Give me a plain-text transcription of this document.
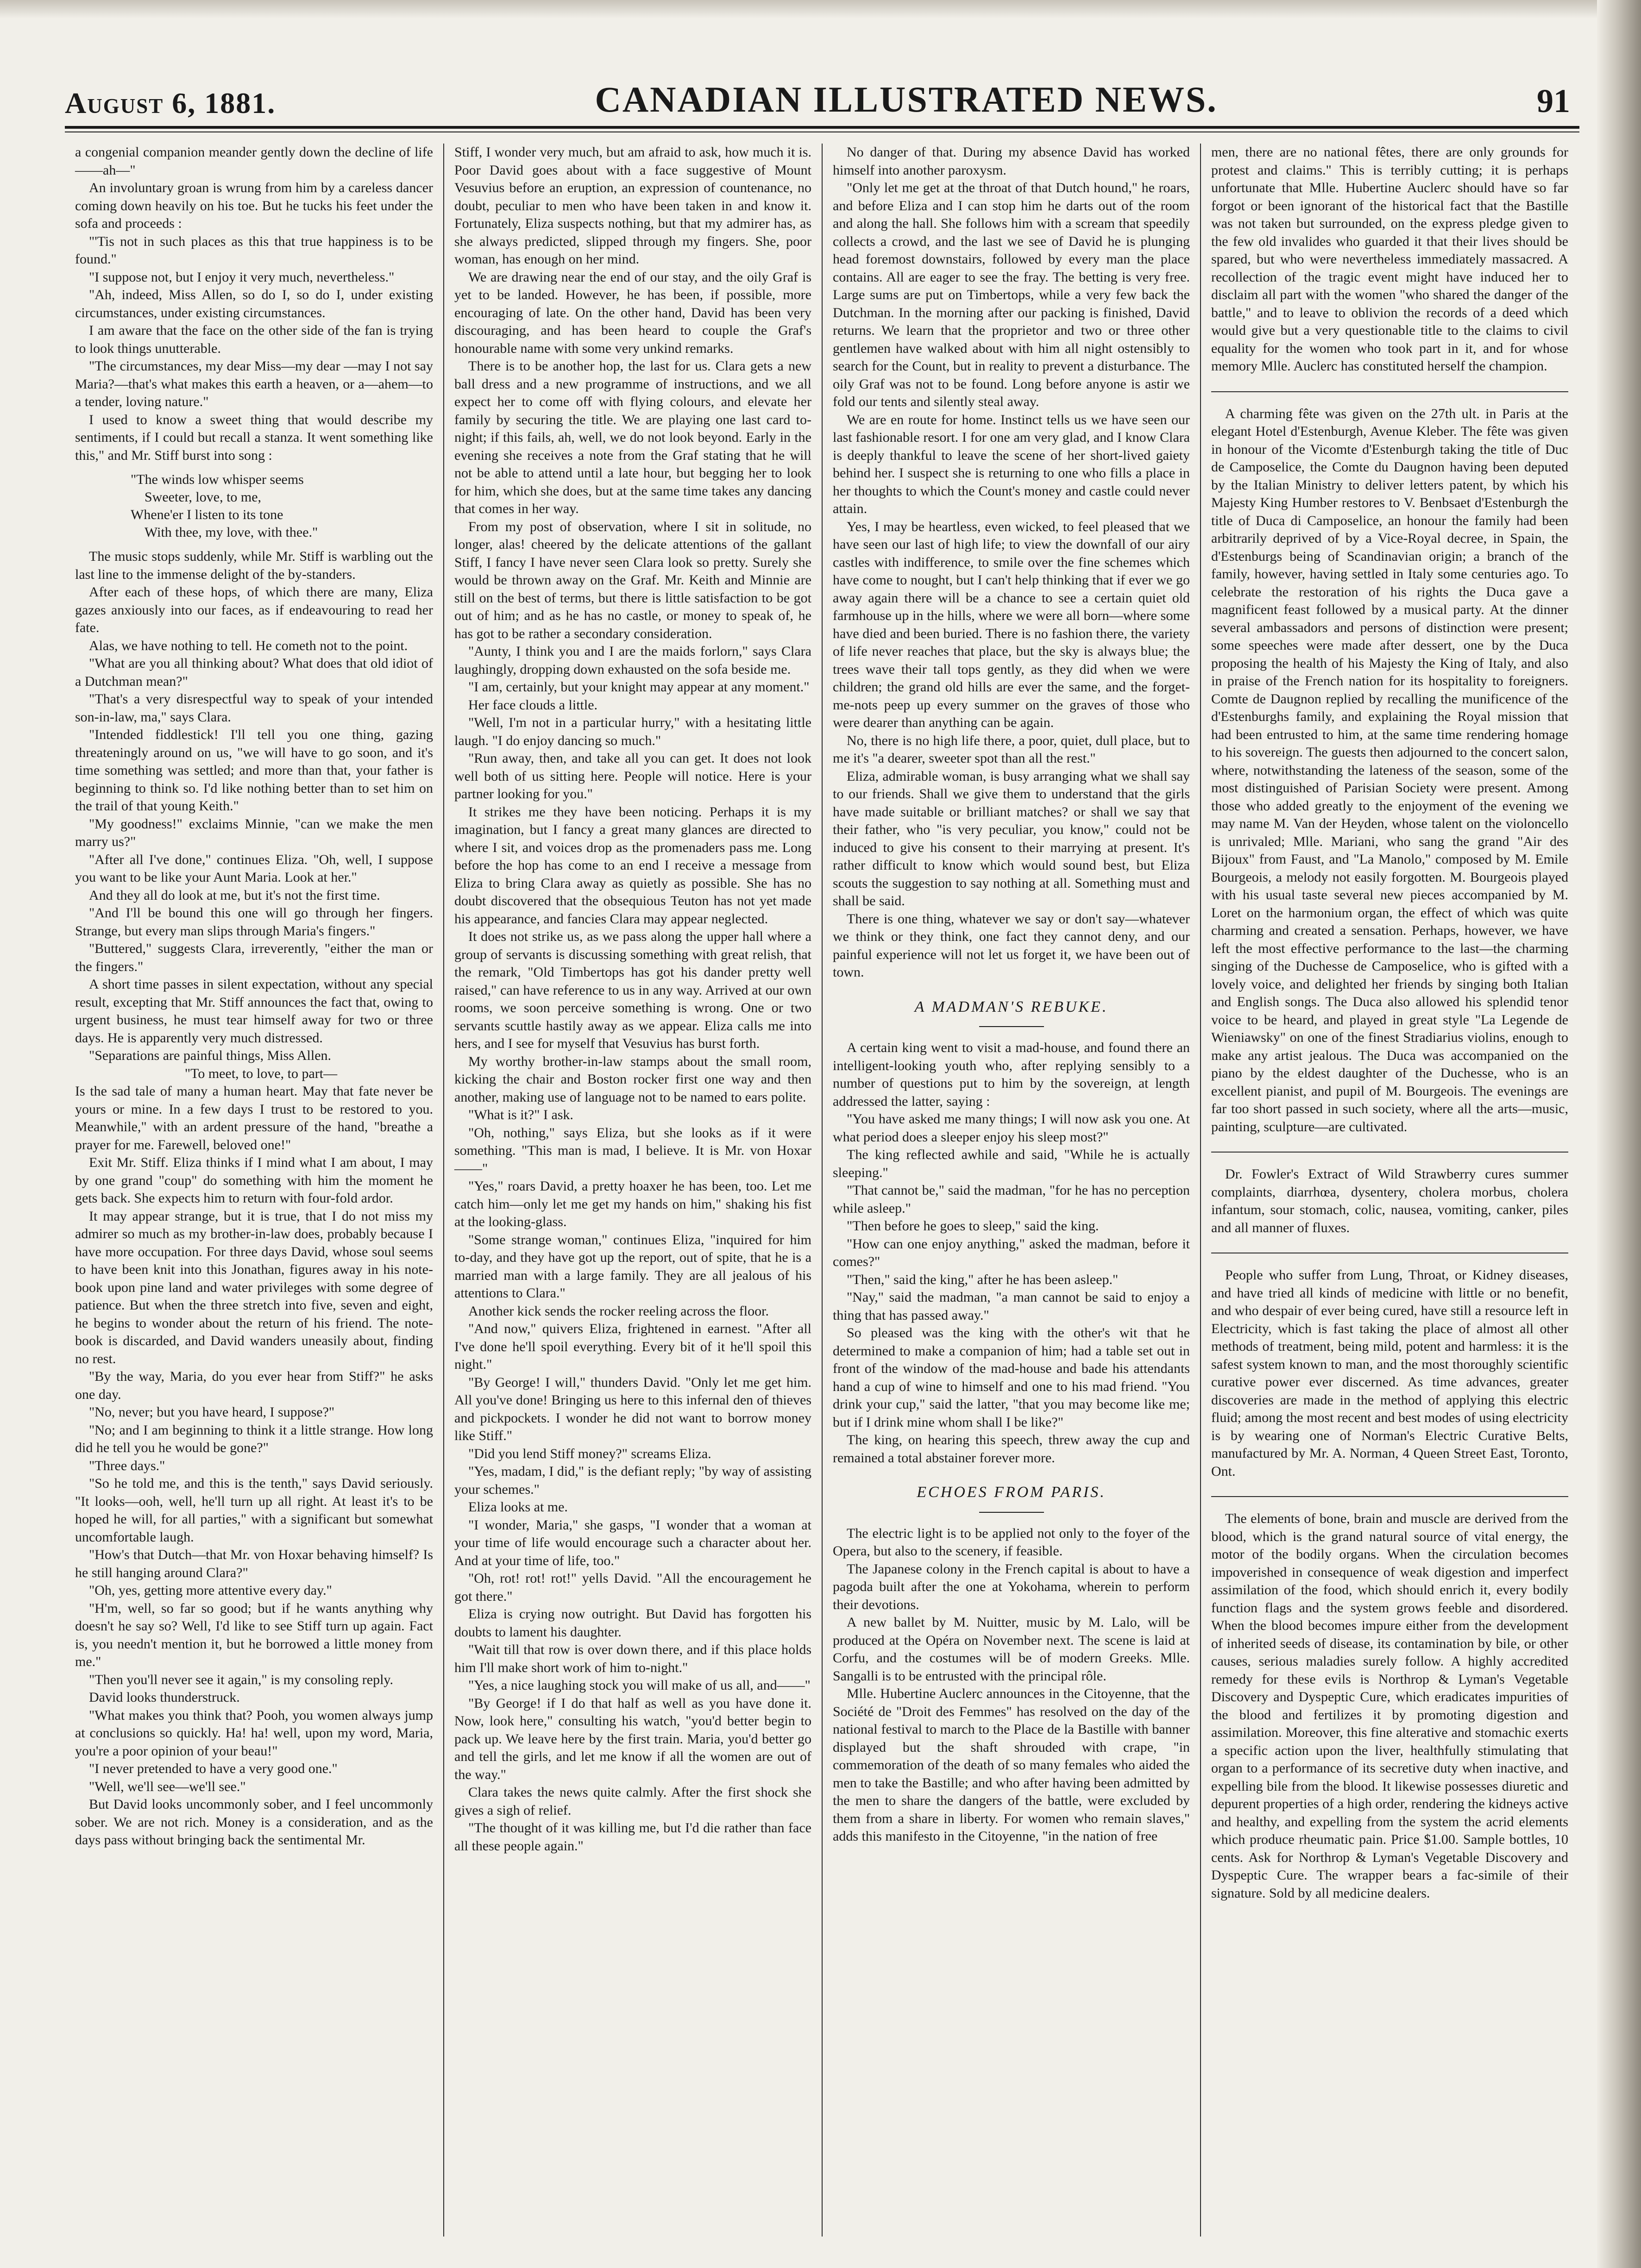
August 6, 1881.	CANADIAN ILLUSTRATED NEWS.	91

a congenial companion meander gently down the decline of life——ah—"

An involuntary groan is wrung from him by a careless dancer coming down heavily on his toe. But he tucks his feet under the sofa and proceeds :

"'Tis not in such places as this that true happiness is to be found."

"I suppose not, but I enjoy it very much, nevertheless."

"Ah, indeed, Miss Allen, so do I, so do I, under existing circumstances, under existing circumstances.

I am aware that the face on the other side of the fan is trying to look things unutterable.

"The circumstances, my dear Miss—my dear —may I not say Maria?—that's what makes this earth a heaven, or a—ahem—to a tender, loving nature."

I used to know a sweet thing that would describe my sentiments, if I could but recall a stanza. It went something like this," and Mr. Stiff burst into song :

"The winds low whisper seems
Sweeter, love, to me,
Whene'er I listen to its tone
With thee, my love, with thee."

The music stops suddenly, while Mr. Stiff is warbling out the last line to the immense delight of the by-standers.

After each of these hops, of which there are many, Eliza gazes anxiously into our faces, as if endeavouring to read her fate.

Alas, we have nothing to tell. He cometh not to the point.

"What are you all thinking about? What does that old idiot of a Dutchman mean?"

"That's a very disrespectful way to speak of your intended son-in-law, ma," says Clara.

"Intended fiddlestick! I'll tell you one thing, gazing threateningly around on us, "we will have to go soon, and it's time something was settled; and more than that, your father is beginning to think so. I'd like nothing better than to set him on the trail of that young Keith."

"My goodness!" exclaims Minnie, "can we make the men marry us?"

"After all I've done," continues Eliza. "Oh, well, I suppose you want to be like your Aunt Maria. Look at her."

And they all do look at me, but it's not the first time.

"And I'll be bound this one will go through her fingers. Strange, but every man slips through Maria's fingers."

"Buttered," suggests Clara, irreverently, "either the man or the fingers."

A short time passes in silent expectation, without any special result, excepting that Mr. Stiff announces the fact that, owing to urgent business, he must tear himself away for two or three days. He is apparently very much distressed.

"Separations are painful things, Miss Allen.

"To meet, to love, to part—

Is the sad tale of many a human heart. May that fate never be yours or mine. In a few days I trust to be restored to you. Meanwhile," with an ardent pressure of the hand, "breathe a prayer for me. Farewell, beloved one!"

Exit Mr. Stiff. Eliza thinks if I mind what I am about, I may by one grand "coup" do something with him the moment he gets back. She expects him to return with four-fold ardor.

It may appear strange, but it is true, that I do not miss my admirer so much as my brother-in-law does, probably because I have more occupation. For three days David, whose soul seems to have been knit into this Jonathan, figures away in his note-book upon pine land and water privileges with some degree of patience. But when the three stretch into five, seven and eight, he begins to wonder about the return of his friend. The note-book is discarded, and David wanders uneasily about, finding no rest.

"By the way, Maria, do you ever hear from Stiff?" he asks one day.

"No, never; but you have heard, I suppose?"

"No; and I am beginning to think it a little strange. How long did he tell you he would be gone?"

"Three days."

"So he told me, and this is the tenth," says David seriously. "It looks—ooh, well, he'll turn up all right. At least it's to be hoped he will, for all parties," with a significant but somewhat uncomfortable laugh.

"How's that Dutch—that Mr. von Hoxar behaving himself? Is he still hanging around Clara?"

"Oh, yes, getting more attentive every day."

"H'm, well, so far so good; but if he wants anything why doesn't he say so? Well, I'd like to see Stiff turn up again. Fact is, you needn't mention it, but he borrowed a little money from me."

"Then you'll never see it again," is my consoling reply.

David looks thunderstruck.

"What makes you think that? Pooh, you women always jump at conclusions so quickly. Ha! ha! well, upon my word, Maria, you're a poor opinion of your beau!"

"I never pretended to have a very good one."

"Well, we'll see—we'll see."

But David looks uncommonly sober, and I feel uncommonly sober. We are not rich. Money is a consideration, and as the days pass without bringing back the sentimental Mr.

Stiff, I wonder very much, but am afraid to ask, how much it is. Poor David goes about with a face suggestive of Mount Vesuvius before an eruption, an expression of countenance, no doubt, peculiar to men who have been taken in and know it. Fortunately, Eliza suspects nothing, but that my admirer has, as she always predicted, slipped through my fingers. She, poor woman, has enough on her mind.

We are drawing near the end of our stay, and the oily Graf is yet to be landed. However, he has been, if possible, more encouraging of late. On the other hand, David has been very discouraging, and has been heard to couple the Graf's honourable name with some very unkind remarks.

There is to be another hop, the last for us. Clara gets a new ball dress and a new programme of instructions, and we all expect her to come off with flying colours, and elevate her family by securing the title. We are playing one last card to-night; if this fails, ah, well, we do not look beyond. Early in the evening she receives a note from the Graf stating that he will not be able to attend until a late hour, but begging her to look for him, which she does, but at the same time takes any dancing that comes in her way.

From my post of observation, where I sit in solitude, no longer, alas! cheered by the delicate attentions of the gallant Stiff, I fancy I have never seen Clara look so pretty. Surely she would be thrown away on the Graf. Mr. Keith and Minnie are still on the best of terms, but there is little satisfaction to be got out of him; and as he has no castle, or money to speak of, he has got to be rather a secondary consideration.

"Aunty, I think you and I are the maids forlorn," says Clara laughingly, dropping down exhausted on the sofa beside me.

"I am, certainly, but your knight may appear at any moment."

Her face clouds a little.

"Well, I'm not in a particular hurry," with a hesitating little laugh. "I do enjoy dancing so much."

"Run away, then, and take all you can get. It does not look well both of us sitting here. People will notice. Here is your partner looking for you."

It strikes me they have been noticing. Perhaps it is my imagination, but I fancy a great many glances are directed to where I sit, and voices drop as the promenaders pass me. Long before the hop has come to an end I receive a message from Eliza to bring Clara away as quietly as possible. She has no doubt discovered that the obsequious Teuton has not yet made his appearance, and fancies Clara may appear neglected.

It does not strike us, as we pass along the upper hall where a group of servants is discussing something with great relish, that the remark, "Old Timbertops has got his dander pretty well raised," can have reference to us in any way. Arrived at our own rooms, we soon perceive something is wrong. One or two servants scuttle hastily away as we appear. Eliza calls me into hers, and I see for myself that Vesuvius has burst forth.

My worthy brother-in-law stamps about the small room, kicking the chair and Boston rocker first one way and then another, making use of language not to be named to ears polite.

"What is it?" I ask.

"Oh, nothing," says Eliza, but she looks as if it were something. "This man is mad, I believe. It is Mr. von Hoxar——"

"Yes," roars David, a pretty hoaxer he has been, too. Let me catch him—only let me get my hands on him," shaking his fist at the looking-glass.

"Some strange woman," continues Eliza, "inquired for him to-day, and they have got up the report, out of spite, that he is a married man with a large family. They are all jealous of his attentions to Clara."

Another kick sends the rocker reeling across the floor.

"And now," quivers Eliza, frightened in earnest. "After all I've done he'll spoil everything. Every bit of it he'll spoil this night."

"By George! I will," thunders David. "Only let me get him. All you've done! Bringing us here to this infernal den of thieves and pickpockets. I wonder he did not want to borrow money like Stiff."

"Did you lend Stiff money?" screams Eliza.

"Yes, madam, I did," is the defiant reply; "by way of assisting your schemes."

Eliza looks at me.

"I wonder, Maria," she gasps, "I wonder that a woman at your time of life would encourage such a character about her. And at your time of life, too."

"Oh, rot! rot! rot!" yells David. "All the encouragement he got there."

Eliza is crying now outright. But David has forgotten his doubts to lament his daughter.

"Wait till that row is over down there, and if this place holds him I'll make short work of him to-night."

"Yes, a nice laughing stock you will make of us all, and——"

"By George! if I do that half as well as you have done it. Now, look here," consulting his watch, "you'd better begin to pack up. We leave here by the first train. Maria, you'd better go and tell the girls, and let me know if all the women are out of the way."

Clara takes the news quite calmly. After the first shock she gives a sigh of relief.

"The thought of it was killing me, but I'd die rather than face all these people again."

No danger of that. During my absence David has worked himself into another paroxysm.

"Only let me get at the throat of that Dutch hound," he roars, and before Eliza and I can stop him he darts out of the room and along the hall. She follows him with a scream that speedily collects a crowd, and the last we see of David he is plunging head foremost downstairs, followed by every man the place contains. All are eager to see the fray. The betting is very free. Large sums are put on Timbertops, while a very few back the Dutchman. In the morning after our packing is finished, David returns. We learn that the proprietor and two or three other gentlemen have walked about with him all night ostensibly to search for the Count, but in reality to prevent a disturbance. The oily Graf was not to be found. Long before anyone is astir we fold our tents and silently steal away.

We are en route for home. Instinct tells us we have seen our last fashionable resort. I for one am very glad, and I know Clara is deeply thankful to leave the scene of her short-lived gaiety behind her. I suspect she is returning to one who fills a place in her thoughts to which the Count's money and castle could never attain.

Yes, I may be heartless, even wicked, to feel pleased that we have seen our last of high life; to view the downfall of our airy castles with indifference, to smile over the fine schemes which have come to nought, but I can't help thinking that if ever we go away again there will be a chance to see a certain quiet old farmhouse up in the hills, where we were all born—where some have died and been buried. There is no fashion there, the variety of life never reaches that place, but the sky is always blue; the trees wave their tall tops gently, as they did when we were children; the grand old hills are ever the same, and the forget-me-nots peep up every summer on the graves of those who were dearer than anything can be again.

No, there is no high life there, a poor, quiet, dull place, but to me it's "a dearer, sweeter spot than all the rest."

Eliza, admirable woman, is busy arranging what we shall say to our friends. Shall we give them to understand that the girls have made suitable or brilliant matches? or shall we say that their father, who "is very peculiar, you know," could not be induced to give his consent to their marrying at present. It's rather difficult to know which would sound best, but Eliza scouts the suggestion to say nothing at all. Something must and shall be said.

There is one thing, whatever we say or don't say—whatever we think or they think, one fact they cannot deny, and our painful experience will not let us forget it, we have been out of town.

A MADMAN'S REBUKE.

A certain king went to visit a mad-house, and found there an intelligent-looking youth who, after replying sensibly to a number of questions put to him by the sovereign, at length addressed the latter, saying :

"You have asked me many things; I will now ask you one. At what period does a sleeper enjoy his sleep most?"

The king reflected awhile and said, "While he is actually sleeping."

"That cannot be," said the madman, "for he has no perception while asleep."

"Then before he goes to sleep," said the king.

"How can one enjoy anything," asked the madman, before it comes?"

"Then," said the king," after he has been asleep."

"Nay," said the madman, "a man cannot be said to enjoy a thing that has passed away."

So pleased was the king with the other's wit that he determined to make a companion of him; had a table set out in front of the window of the mad-house and bade his attendants hand a cup of wine to himself and one to his mad friend. "You drink your cup," said the latter, "that you may become like me; but if I drink mine whom shall I be like?"

The king, on hearing this speech, threw away the cup and remained a total abstainer forever more.

ECHOES FROM PARIS.

The electric light is to be applied not only to the foyer of the Opera, but also to the scenery, if feasible.

The Japanese colony in the French capital is about to have a pagoda built after the one at Yokohama, wherein to perform their devotions.

A new ballet by M. Nuitter, music by M. Lalo, will be produced at the Opéra on November next. The scene is laid at Corfu, and the costumes will be of modern Greeks. Mlle. Sangalli is to be entrusted with the principal rôle.

Mlle. Hubertine Auclerc announces in the Citoyenne, that the Société de "Droit des Femmes" has resolved on the day of the national festival to march to the Place de la Bastille with banner displayed but the shaft shrouded with crape, "in commemoration of the death of so many females who aided the men to take the Bastille; and who after having been admitted by the men to share the dangers of the battle, were excluded by them from a share in liberty. For women who remain slaves," adds this manifesto in the Citoyenne, "in the nation of free

men, there are no national fêtes, there are only grounds for protest and claims." This is terribly cutting; it is perhaps unfortunate that Mlle. Hubertine Auclerc should have so far forgot or been ignorant of the historical fact that the Bastille was not taken but surrounded, on the express pledge given to the few old invalides who guarded it that their lives should be spared, but who were nevertheless immediately massacred. A recollection of the tragic event might have induced her to disclaim all part with the women "who shared the danger of the battle," and to leave to oblivion the records of a deed which would give but a very questionable title to the claims to civil equality for the women who took part in it, and for whose memory Mlle. Auclerc has constituted herself the champion.

A charming fête was given on the 27th ult. in Paris at the elegant Hotel d'Estenburgh, Avenue Kleber. The fête was given in honour of the Vicomte d'Estenburgh taking the title of Duc de Camposelice, the Comte du Daugnon having been deputed by the Italian Ministry to deliver letters patent, by which his Majesty King Humber restores to V. Benbsaet d'Estenburgh the title of Duca di Camposelice, an honour the family had been arbitrarily deprived of by a Vice-Royal decree, in Spain, the d'Estenburgs being of Scandinavian origin; a branch of the family, however, having settled in Italy some centuries ago. To celebrate the restoration of his rights the Duca gave a magnificent feast followed by a musical party. At the dinner several ambassadors and persons of distinction were present; some speeches were made after dessert, one by the Duca proposing the health of his Majesty the King of Italy, and also in praise of the French nation for its hospitality to foreigners. Comte de Daugnon replied by recalling the munificence of the d'Estenburghs family, and explaining the Royal mission that had been entrusted to him, at the same time rendering homage to his sovereign. The guests then adjourned to the concert salon, where, notwithstanding the lateness of the season, some of the most distinguished of Parisian Society were present. Among those who added greatly to the enjoyment of the evening we may name M. Van der Heyden, whose talent on the violoncello is unrivaled; Mlle. Mariani, who sang the grand "Air des Bijoux" from Faust, and "La Manolo," composed by M. Emile Bourgeois, a melody not easily forgotten. M. Bourgeois played with his usual taste several new pieces accompanied by M. Loret on the harmonium organ, the effect of which was quite charming and created a sensation. Perhaps, however, we have left the most effective performance to the last—the charming singing of the Duchesse de Camposelice, who is gifted with a lovely voice, and delighted her friends by singing both Italian and English songs. The Duca also allowed his splendid tenor voice to be heard, and played in great style "La Legende de Wieniawsky" on one of the finest Stradiarius violins, enough to make any artist jealous. The Duca was accompanied on the piano by the eldest daughter of the Duchesse, who is an excellent pianist, and pupil of M. Bourgeois. The evenings are far too short passed in such society, where all the arts—music, painting, sculpture—are cultivated.

Dr. Fowler's Extract of Wild Strawberry cures summer complaints, diarrhœa, dysentery, cholera morbus, cholera infantum, sour stomach, colic, nausea, vomiting, canker, piles and all manner of fluxes.

People who suffer from Lung, Throat, or Kidney diseases, and have tried all kinds of medicine with little or no benefit, and who despair of ever being cured, have still a resource left in Electricity, which is fast taking the place of almost all other methods of treatment, being mild, potent and harmless: it is the safest system known to man, and the most thoroughly scientific curative power ever discerned. As time advances, greater discoveries are made in the method of applying this electric fluid; among the most recent and best modes of using electricity is by wearing one of Norman's Electric Curative Belts, manufactured by Mr. A. Norman, 4 Queen Street East, Toronto, Ont.

The elements of bone, brain and muscle are derived from the blood, which is the grand natural source of vital energy, the motor of the bodily organs. When the circulation becomes impoverished in consequence of weak digestion and imperfect assimilation of the food, which should enrich it, every bodily function flags and the system grows feeble and disordered. When the blood becomes impure either from the development of inherited seeds of disease, its contamination by bile, or other causes, serious maladies surely follow. A highly accredited remedy for these evils is Northrop & Lyman's Vegetable Discovery and Dyspeptic Cure, which eradicates impurities of the blood and fertilizes it by promoting digestion and assimilation. Moreover, this fine alterative and stomachic exerts a specific action upon the liver, healthfully stimulating that organ to a performance of its secretive duty when inactive, and expelling bile from the blood. It likewise possesses diuretic and depurent properties of a high order, rendering the kidneys active and healthy, and expelling from the system the acrid elements which produce rheumatic pain. Price $1.00. Sample bottles, 10 cents. Ask for Northrop & Lyman's Vegetable Discovery and Dyspeptic Cure. The wrapper bears a fac-simile of their signature. Sold by all medicine dealers.
